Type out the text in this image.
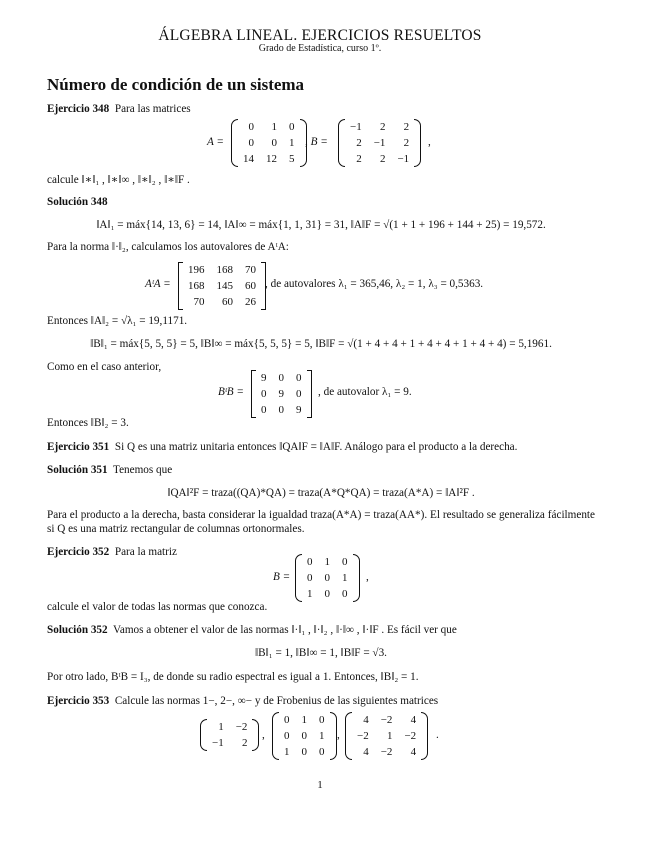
ÁLGEBRA LINEAL. EJERCICIOS RESUELTOS
Grado de Estadística, curso 1º.
Número de condición de un sistema
Ejercicio 348 Para las matrices
A =
0	1	0
0	0	1
14	12	5
, B =
−1	2	2
2	−1	2
2	2	−1
,
calcule ‖∗‖₁ , ‖∗‖∞ , ‖∗‖₂ , ‖∗‖F .
Solución 348
‖A‖₁ = máx{14, 13, 6} = 14, ‖A‖∞ = máx{1, 1, 31} = 31, ‖A‖F = √(1 + 1 + 196 + 144 + 25) = 19,572.
Para la norma ‖·‖₂, calculamos los autovalores de AᵗA:
AᵗA =
196	168	70
168	145	60
70	60	26
, de autovalores λ₁ = 365,46, λ₂ = 1, λ₃ = 0,5363.
Entonces ‖A‖₂ = √λ₁ = 19,1171.
‖B‖₁ = máx{5, 5, 5} = 5, ‖B‖∞ = máx{5, 5, 5} = 5, ‖B‖F = √(1 + 4 + 4 + 1 + 4 + 4 + 1 + 4 + 4) = 5,1961.
Como en el caso anterior,
BᵗB =
9	0	0
0	9	0
0	0	9
, de autovalor λ₁ = 9.
Entonces ‖B‖₂ = 3.
Ejercicio 351 Si Q es una matriz unitaria entonces ‖QA‖F = ‖A‖F. Análogo para el producto a la derecha.
Solución 351 Tenemos que
‖QA‖²F = traza((QA)*QA) = traza(A*Q*QA) = traza(A*A) = ‖A‖²F .
Para el producto a la derecha, basta considerar la igualdad traza(A*A) = traza(AA*). El resultado se generaliza fácilmente si Q es una matriz rectangular de columnas ortonormales.
Ejercicio 352 Para la matriz
B =
0	1	0
0	0	1
1	0	0
,
calcule el valor de todas las normas que conozca.
Solución 352 Vamos a obtener el valor de las normas ‖·‖₁ , ‖·‖₂ , ‖·‖∞ , ‖·‖F . Es fácil ver que
‖B‖₁ = 1, ‖B‖∞ = 1, ‖B‖F = √3.
Por otro lado, BᵗB = I₃, de donde su radio espectral es igual a 1. Entonces, ‖B‖₂ = 1.
Ejercicio 353 Calcule las normas 1−, 2−, ∞− y de Frobenius de las siguientes matrices
1	−2
−1	2
,
0	1	0
0	0	1
1	0	0
,
4	−2	4
−2	1	−2
4	−2	4
.
1
